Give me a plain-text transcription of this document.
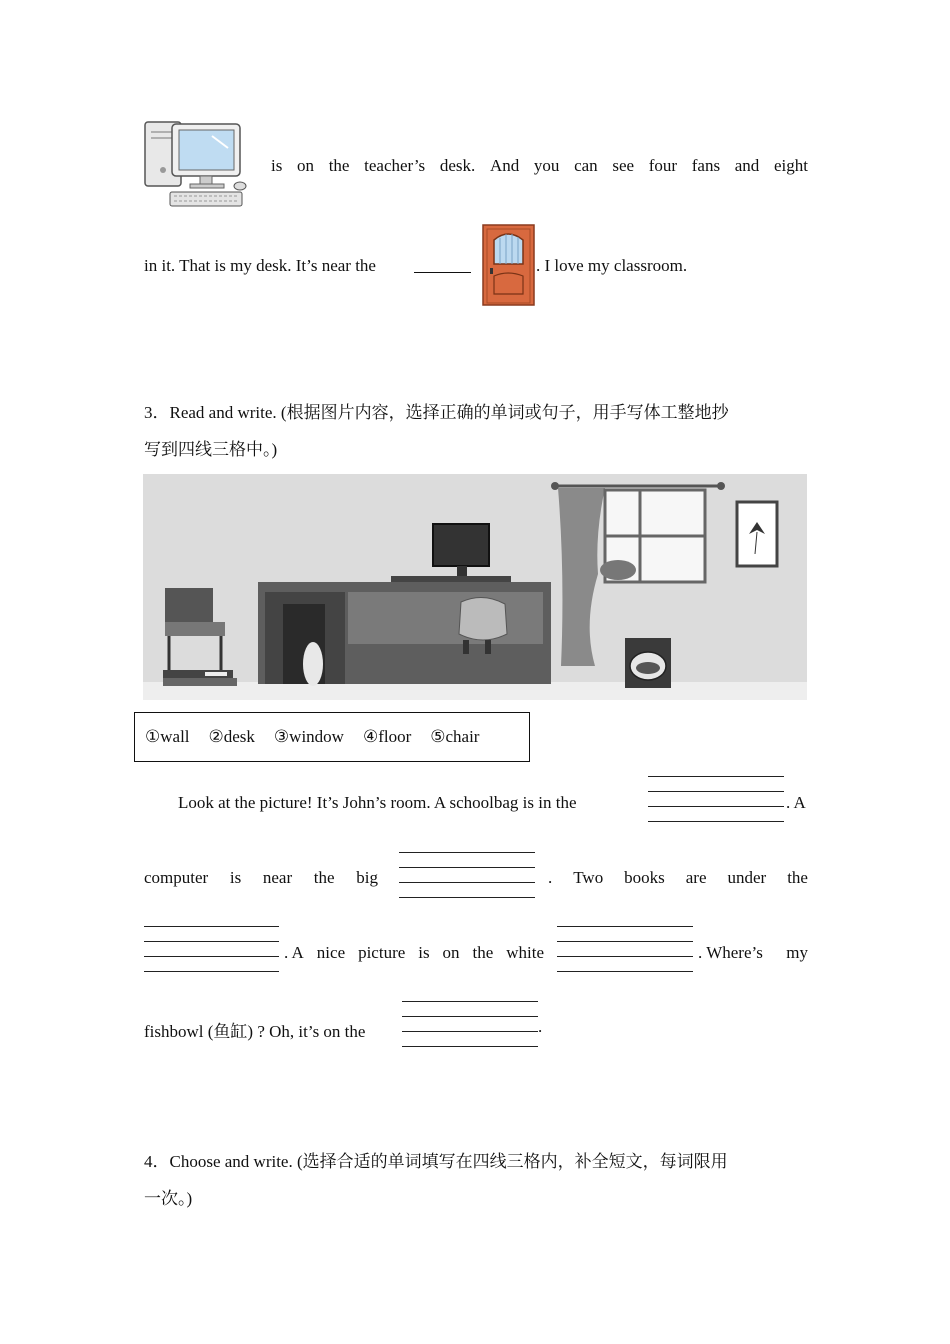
is on the teacher’s desk. And you can see four fans and eight
in it. That is my desk. It’s near the	. I love my classroom.
3．Read and write. (根据图片内容，选择正确的单词或句子，用手写体工整地抄
写到四线三格中。)
①wall ②desk ③window ④floor ⑤chair
Look at the picture! It’s John’s room. A schoolbag is in the	. A
computer is near the big	. Two books are under the
. A nice picture is on the white	. Where’s my
fishbowl (鱼缸) ? Oh, it’s on the	.
4．Choose and write. (选择合适的单词填写在四线三格内，补全短文，每词限用
一次。)
